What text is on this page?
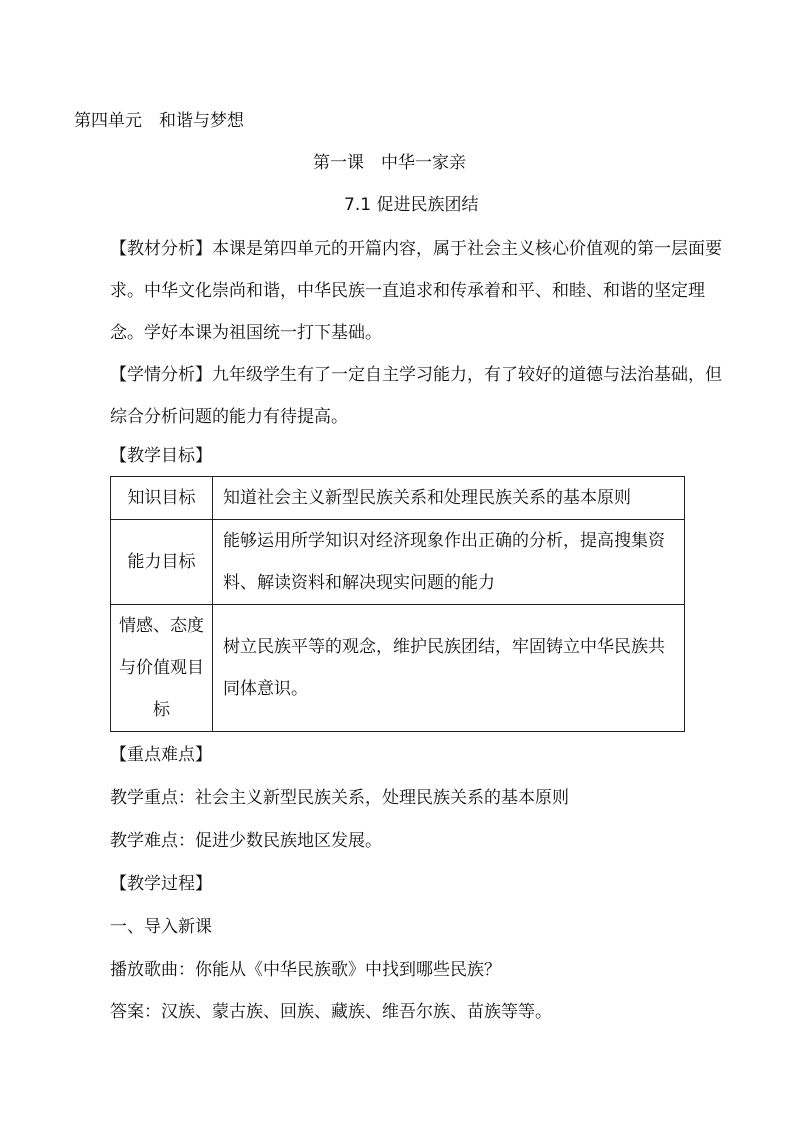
第四单元　和谐与梦想
第一课　中华一家亲
7.1 促进民族团结
【教材分析】本课是第四单元的开篇内容，属于社会主义核心价值观的第一层面要求。中华文化崇尚和谐，中华民族一直追求和传承着和平、和睦、和谐的坚定理念。学好本课为祖国统一打下基础。
【学情分析】九年级学生有了一定自主学习能力，有了较好的道德与法治基础，但综合分析问题的能力有待提高。
【教学目标】
知识目标	知道社会主义新型民族关系和处理民族关系的基本原则
能力目标	能够运用所学知识对经济现象作出正确的分析，提高搜集资料、解读资料和解决现实问题的能力
情感、态度与价值观目标	树立民族平等的观念，维护民族团结，牢固铸立中华民族共同体意识。
【重点难点】
教学重点：社会主义新型民族关系，处理民族关系的基本原则
教学难点：促进少数民族地区发展。
【教学过程】
一、导入新课
播放歌曲：你能从《中华民族歌》中找到哪些民族？
答案：汉族、蒙古族、回族、藏族、维吾尔族、苗族等等。
